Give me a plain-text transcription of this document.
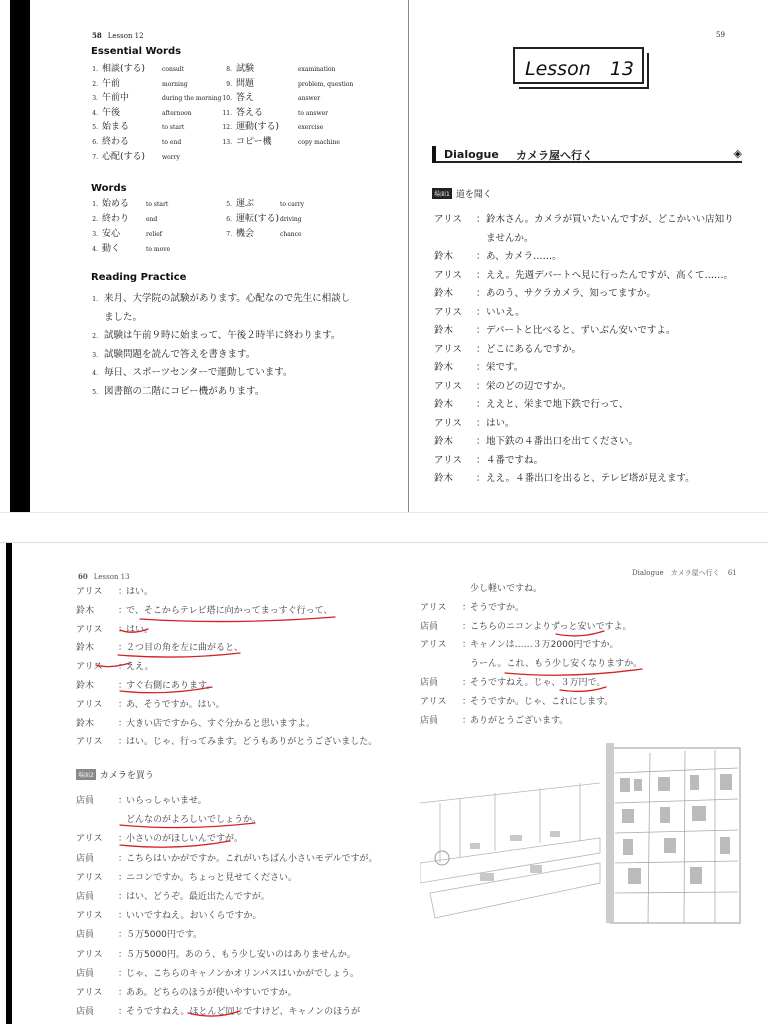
58 Lesson 12
Essential Words
1. 相談(する)	consult
2. 午前	morning
3. 午前中	during the morning
4. 午後	afternoon
5. 始まる	to start
6. 終わる	to end
7. 心配(する)	worry
8. 試験	examination
9. 問題	problem, question
10. 答え	answer
11. 答える	to answer
12. 運動(する)	exercise
13. コピー機	copy machine
Words
1. 始める	to start
2. 終わり	end
3. 安心	relief
4. 動く	to move
5. 運ぶ	to carry
6. 運転(する) driving
7. 機会	chance
Reading Practice
1. 来月、大学院の試験があります。心配なので先生に相談し
ました。
2. 試験は午前９時に始まって、午後２時半に終わります。
3. 試験問題を読んで答えを書きます。
4. 毎日、スポーツセンターで運動しています。
5. 図書館の二階にコピー機があります。
59
Lesson　13
Dialogue カメラ屋へ行く	◈
場面1 道を聞く
アリス ： 鈴木さん。カメラが買いたいんですが、どこかいい店知り
ませんか。
鈴木 ： あ、カメラ……。
アリス ： ええ。先週デパートへ見に行ったんですが、高くて……。
鈴木 ： あのう、サクラカメラ、知ってますか。
アリス ： いいえ。
鈴木 ： デパートと比べると、ずいぶん安いですよ。
アリス ： どこにあるんですか。
鈴木 ： 栄です。
アリス ： 栄のどの辺ですか。
鈴木 ： ええと、栄まで地下鉄で行って、
アリス ： はい。
鈴木 ： 地下鉄の４番出口を出てください。
アリス ： ４番ですね。
鈴木 ： ええ。４番出口を出ると、テレビ塔が見えます。
60 Lesson 13
アリス ：
はい。
鈴木	：
で、そこからテレビ塔に向かってまっすぐ行って、
アリス ：
はい。
鈴木	：
２つ目の角を左に曲がると、
アリス ：
ええ。
鈴木	：
すぐ右側にあります。
アリス ：
あ、そうですか。はい。
鈴木	：
大きい店ですから、すぐ分かると思いますよ。
アリス ：
はい。じゃ、行ってみます。どうもありがとうございました。
場面2 カメラを買う
店員	：
いらっしゃいませ。
どんなのがよろしいでしょうか。
アリス ：
小さいのがほしいんですが。
店員	：
こちらはいかがですか。これがいちばん小さいモデルですが。
アリス ：
ニコンですか。ちょっと見せてください。
店員	：
はい、どうぞ。最近出たんですが。
アリス ：
いいですねえ。おいくらですか。
店員	：
５万5000円です。
アリス ：
５万5000円。あのう、もう少し安いのはありませんか。
店員	：
じゃ、こちらのキャノンかオリンパスはいかがでしょう。
アリス ：
ああ。どちらのほうが使いやすいですか。
店員	：
そうですねえ。ほとんど同じですけど、キャノンのほうが
Dialogue　カメラ屋へ行く 61
少し軽いですね。
アリス ：
そうですか。
店員	：
こちらのニコンよりずっと安いですよ。
アリス ：
キャノンは……３万2000円ですか。
うーん。これ、もう少し安くなりますか。
店員	：
そうですねえ。じゃ、３万円で。
アリス ：
そうですか。じゃ、これにします。
店員	：
ありがとうございます。
